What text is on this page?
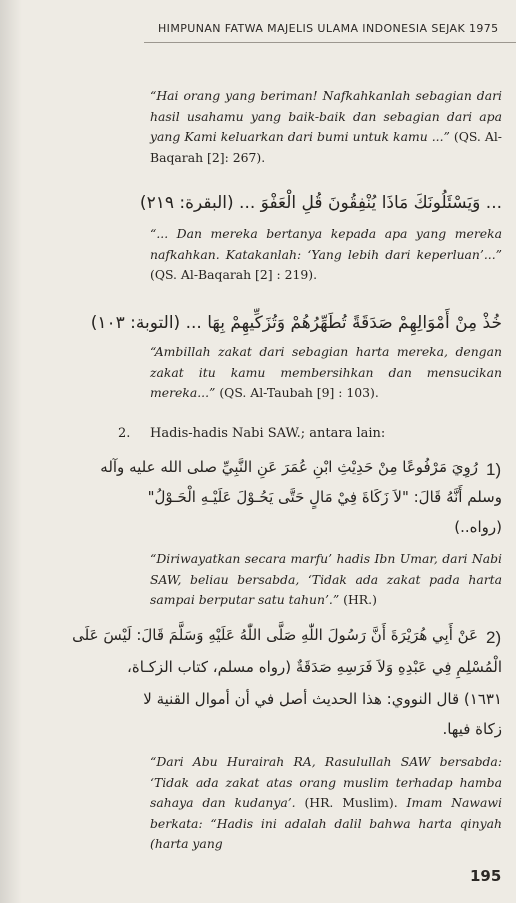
HIMPUNAN FATWA MAJELIS ULAMA INDONESIA SEJAK 1975

“Hai orang yang beriman! Nafkahkanlah sebagian dari hasil usahamu yang baik-baik dan sebagian dari apa yang Kami keluarkan dari bumi untuk kamu ...” (QS. Al-Baqarah [2]: 267).

... وَيَسْئَلُونَكَ مَاذَا يُنْفِقُونَ قُلِ الْعَفْوَ ... (البقرة: ٢١٩)

“... Dan mereka bertanya kepada apa yang mereka nafkahkan. Katakanlah: ‘Yang lebih dari keperluan’...” (QS. Al-Baqarah [2] : 219).

خُذْ مِنْ أَمْوَالِهِمْ صَدَقَةً تُطَهِّرُهُمْ وَتُزَكِّيهِمْ بِهَا ... (التوبة: ١٠٣)

“Ambillah zakat dari sebagian harta mereka, dengan zakat itu kamu membersihkan dan mensucikan mereka...” (QS. Al-Taubah [9] : 103).

2. Hadis-hadis Nabi SAW.; antara lain:
1)
رُوِيَ مَرْفُوعًا مِنْ حَدِيْثِ ابْنِ عُمَرَ عَنِ النَّبِيِّ صلى الله عليه وآله
وسلم أَنَّهُ قَالَ: "لاَ زَكَاةَ فِيْ مَالٍ حَتَّى يَحُـوْلَ عَلَيْـهِ الْحَـوْلُ"
(رواه..)

“Diriwayatkan secara marfu’ hadis Ibn Umar, dari Nabi SAW, beliau bersabda, ‘Tidak ada zakat pada harta sampai berputar satu tahun’.” (HR.)

2)
عَنْ أَبِي هُرَيْرَةَ أَنَّ رَسُولَ اللّٰهِ صَلَّى اللّٰهُ عَلَيْهِ وَسَلَّمَ قَالَ: لَيْسَ عَلَى
الْمُسْلِمِ فِي عَبْدِهِ وَلاَ فَرَسِهِ صَدَقَةٌ (رواه مسلم، كتاب الزكـاة،
١٦٣١) قال النووي: هذا الحديث أصل في أن أموال القنية لا
زكاة فيها.

“Dari Abu Hurairah RA, Rasulullah SAW bersabda: ‘Tidak ada zakat atas orang muslim terhadap hamba sahaya dan kudanya’. (HR. Muslim). Imam Nawawi berkata: “Hadis ini adalah dalil bahwa harta qinyah (harta yang

195
